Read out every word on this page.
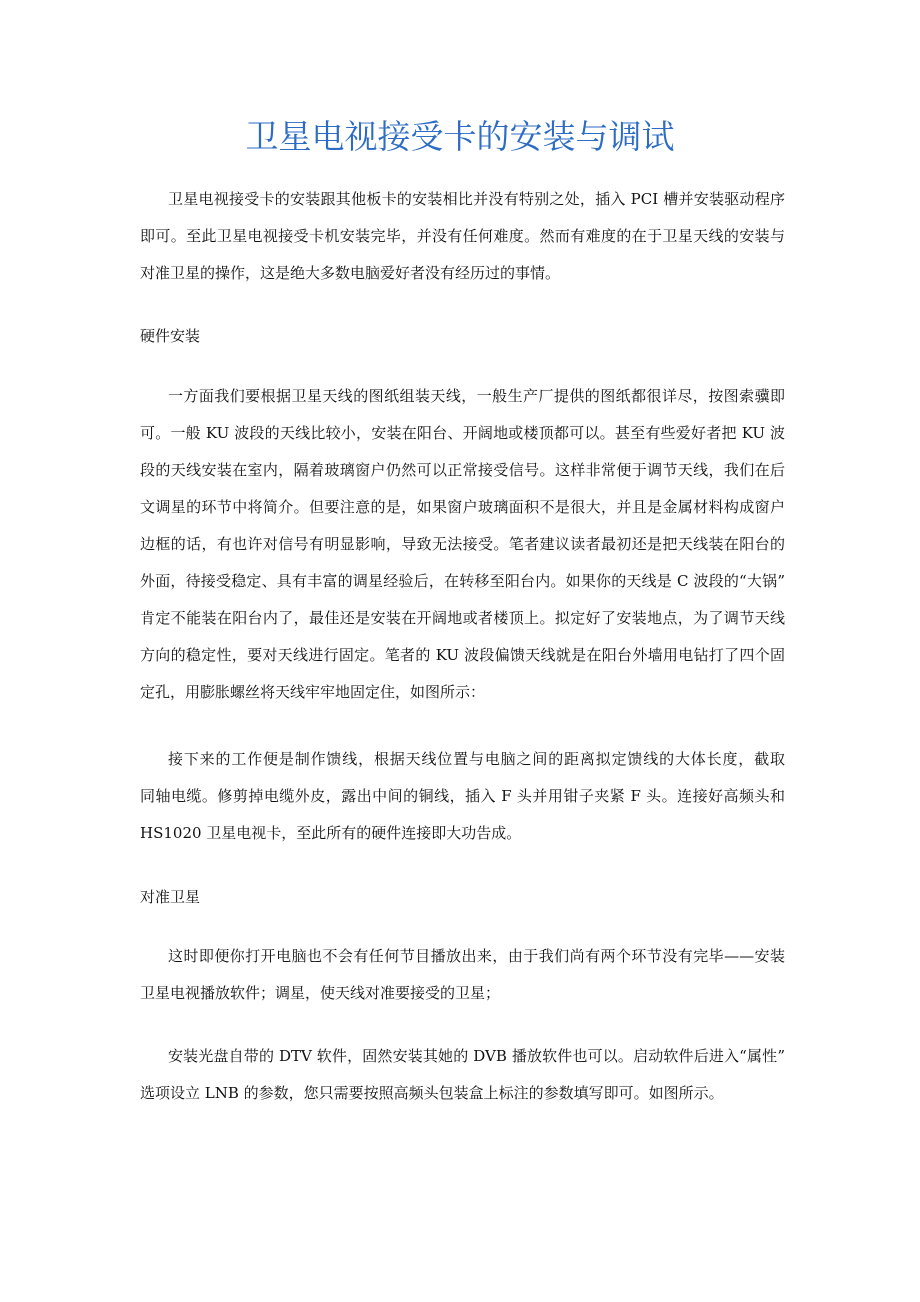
卫星电视接受卡的安装与调试
卫星电视接受卡的安装跟其他板卡的安装相比并没有特别之处，插入 PCI 槽并安装驱动程序
即可。至此卫星电视接受卡机安装完毕，并没有任何难度。然而有难度的在于卫星天线的安装与
对准卫星的操作，这是绝大多数电脑爱好者没有经历过的事情。
硬件安装
一方面我们要根据卫星天线的图纸组装天线，一般生产厂提供的图纸都很详尽，按图索骥即
可。一般 KU 波段的天线比较小，安装在阳台、开阔地或楼顶都可以。甚至有些爱好者把 KU 波
段的天线安装在室内，隔着玻璃窗户仍然可以正常接受信号。这样非常便于调节天线，我们在后
文调星的环节中将简介。但要注意的是，如果窗户玻璃面积不是很大，并且是金属材料构成窗户
边框的话，有也许对信号有明显影响，导致无法接受。笔者建议读者最初还是把天线装在阳台的
外面，待接受稳定、具有丰富的调星经验后，在转移至阳台内。如果你的天线是 C 波段的“大锅”
肯定不能装在阳台内了，最佳还是安装在开阔地或者楼顶上。拟定好了安装地点，为了调节天线
方向的稳定性，要对天线进行固定。笔者的 KU 波段偏馈天线就是在阳台外墙用电钻打了四个固
定孔，用膨胀螺丝将天线牢牢地固定住，如图所示：
接下来的工作便是制作馈线，根据天线位置与电脑之间的距离拟定馈线的大体长度，截取
同轴电缆。修剪掉电缆外皮，露出中间的铜线，插入 F 头并用钳子夹紧 F 头。连接好高频头和
HS1020 卫星电视卡，至此所有的硬件连接即大功告成。
对准卫星
这时即便你打开电脑也不会有任何节目播放出来，由于我们尚有两个环节没有完毕——安装
卫星电视播放软件；调星，使天线对准要接受的卫星；
安装光盘自带的 DTV 软件，固然安装其她的 DVB 播放软件也可以。启动软件后进入“属性”
选项设立 LNB 的参数，您只需要按照高频头包装盒上标注的参数填写即可。如图所示。
